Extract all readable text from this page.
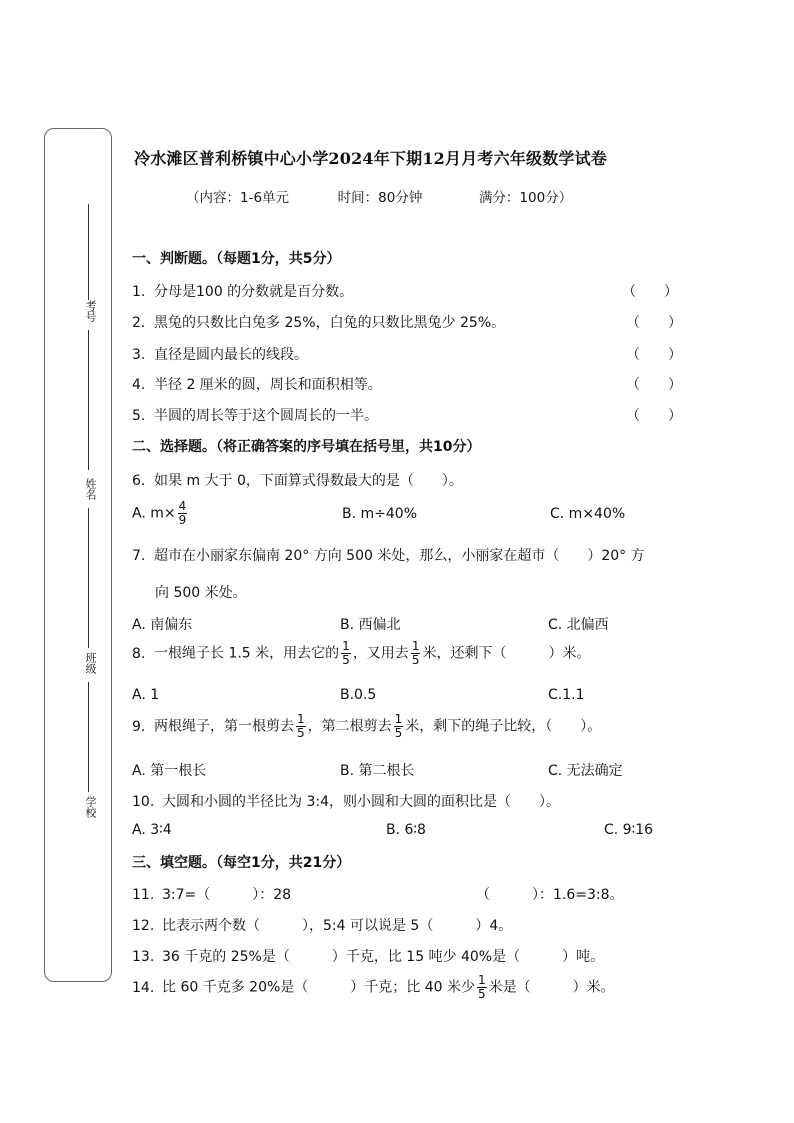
考号
姓名
班级
学校
冷水滩区普利桥镇中心小学2024年下期12月月考六年级数学试卷
（内容：1-6单元	时间：80分钟	满分：100分）
一、判断题。（每题1分，共5分）
1. 分母是100 的分数就是百分数。	（　　）
2. 黑兔的只数比白兔多 25%，白兔的只数比黑兔少 25%。	（　　）
3. 直径是圆内最长的线段。	（　　）
4. 半径 2 厘米的圆，周长和面积相等。	（　　）
5. 半圆的周长等于这个圆周长的一半。	（　　）
二、选择题。（将正确答案的序号填在括号里，共10分）
6. 如果 m 大于 0，下面算式得数最大的是（　　）。
A. $m\times \frac{4}{9}$	B. m÷40%	C. m×40%
7. 超市在小丽家东偏南 20° 方向 500 米处，那么，小丽家在超市（　　）20° 方
向 500 米处。
A. 南偏东	B. 西偏北	C. 北偏西
8. 一根绳子长 1.5 米，用去它的 $\frac{1}{5}$ ，又用去 $\frac{1}{5}$ 米，还剩下（　　　）米。
A. 1	B.0.5	C.1.1
9. 两根绳子，第一根剪去 $\frac{1}{5}$ ，第二根剪去 $\frac{1}{5}$ 米，剩下的绳子比较，（　　）。
A. 第一根长	B. 第二根长	C. 无法确定
10. 大圆和小圆的半径比为 3:4，则小圆和大圆的面积比是（　　）。
A. 3∶4	B. 6∶8	C. 9∶16
三、填空题。（每空1分，共21分）
11. 3:7=（　　　）：28	（　　　）：1.6=3:8。
12. 比表示两个数（　　　），5:4 可以说是 5（　　　）4。
13. 36 千克的 25%是（　　　）千克，比 15 吨少 40%是（　　　）吨。
14. 比 60 千克多 20%是（　　　）千克；比 40 米少 $\frac{1}{5}$ 米是（　　　）米。
